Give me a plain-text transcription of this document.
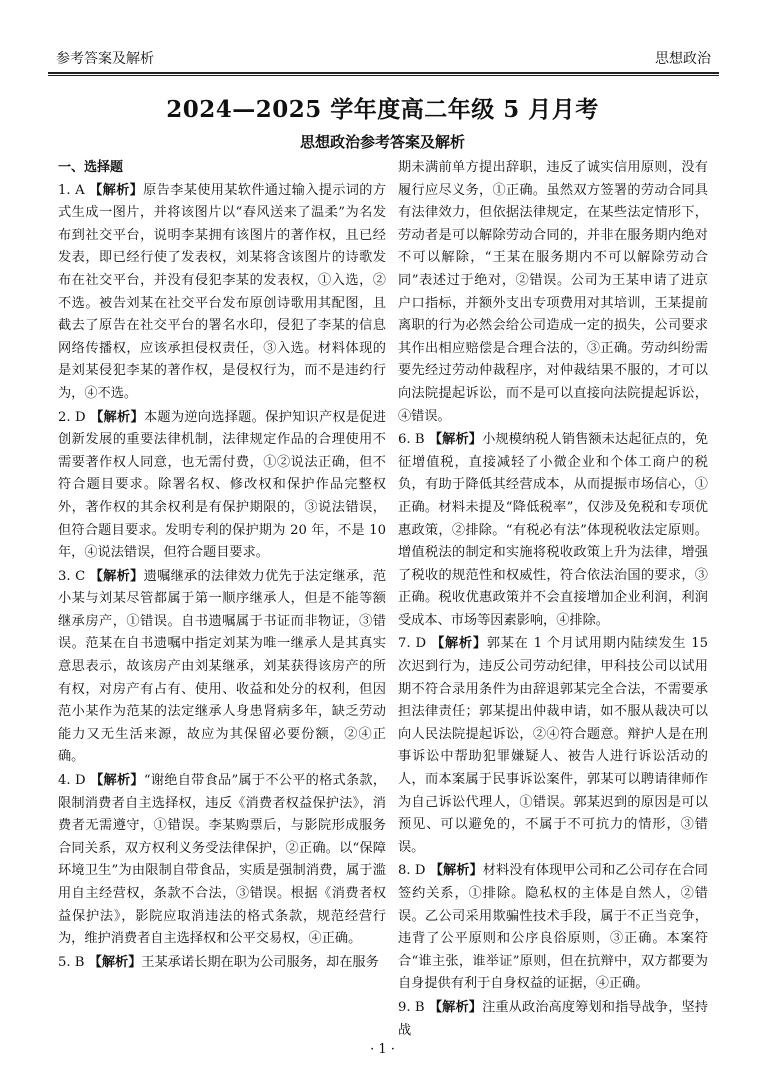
参考答案及解析	思想政治
2024—2025 学年度高二年级 5 月月考
思想政治参考答案及解析
一、选择题
1. A 【解析】原告李某使用某软件通过输入提示词的方式生成一图片，并将该图片以“春风送来了温柔”为名发布到社交平台，说明李某拥有该图片的著作权，且已经发表，即已经行使了发表权，刘某将含该图片的诗歌发布在社交平台，并没有侵犯李某的发表权，①入选，②不选。被告刘某在社交平台发布原创诗歌用其配图，且截去了原告在社交平台的署名水印，侵犯了李某的信息网络传播权，应该承担侵权责任，③入选。材料体现的是刘某侵犯李某的著作权，是侵权行为，而不是违约行为，④不选。
2. D 【解析】本题为逆向选择题。保护知识产权是促进创新发展的重要法律机制，法律规定作品的合理使用不需要著作权人同意，也无需付费，①②说法正确，但不符合题目要求。除署名权、修改权和保护作品完整权外，著作权的其余权利是有保护期限的，③说法错误，但符合题目要求。发明专利的保护期为 20 年，不是 10 年，④说法错误，但符合题目要求。
3. C 【解析】遗嘱继承的法律效力优先于法定继承，范小某与刘某尽管都属于第一顺序继承人，但是不能等额继承房产，①错误。自书遗嘱属于书证而非物证，③错误。范某在自书遗嘱中指定刘某为唯一继承人是其真实意思表示，故该房产由刘某继承，刘某获得该房产的所有权，对房产有占有、使用、收益和处分的权利，但因范小某作为范某的法定继承人身患肾病多年，缺乏劳动能力又无生活来源，故应为其保留必要份额，②④正确。
4. D 【解析】“谢绝自带食品”属于不公平的格式条款，限制消费者自主选择权，违反《消费者权益保护法》，消费者无需遵守，①错误。李某购票后，与影院形成服务合同关系，双方权利义务受法律保护，②正确。以“保障环境卫生”为由限制自带食品，实质是强制消费，属于滥用自主经营权，条款不合法，③错误。根据《消费者权益保护法》，影院应取消违法的格式条款，规范经营行为，维护消费者自主选择权和公平交易权，④正确。
5. B 【解析】王某承诺长期在职为公司服务，却在服务
期未满前单方提出辞职，违反了诚实信用原则，没有履行应尽义务，①正确。虽然双方签署的劳动合同具有法律效力，但依据法律规定，在某些法定情形下，劳动者是可以解除劳动合同的，并非在服务期内绝对不可以解除，“王某在服务期内不可以解除劳动合同”表述过于绝对，②错误。公司为王某申请了进京户口指标，并额外支出专项费用对其培训，王某提前离职的行为必然会给公司造成一定的损失，公司要求其作出相应赔偿是合理合法的，③正确。劳动纠纷需要先经过劳动仲裁程序，对仲裁结果不服的，才可以向法院提起诉讼，而不是可以直接向法院提起诉讼，④错误。
6. B 【解析】小规模纳税人销售额未达起征点的，免征增值税，直接减轻了小微企业和个体工商户的税负，有助于降低其经营成本，从而提振市场信心，①正确。材料未提及“降低税率”，仅涉及免税和专项优惠政策，②排除。“有税必有法”体现税收法定原则。增值税法的制定和实施将税收政策上升为法律，增强了税收的规范性和权威性，符合依法治国的要求，③正确。税收优惠政策并不会直接增加企业利润，利润受成本、市场等因素影响，④排除。
7. D 【解析】郭某在 1 个月试用期内陆续发生 15 次迟到行为，违反公司劳动纪律，甲科技公司以试用期不符合录用条件为由辞退郭某完全合法，不需要承担法律责任；郭某提出仲裁申请，如不服从裁决可以向人民法院提起诉讼，②④符合题意。辩护人是在刑事诉讼中帮助犯罪嫌疑人、被告人进行诉讼活动的人，而本案属于民事诉讼案件，郭某可以聘请律师作为自己诉讼代理人，①错误。郭某迟到的原因是可以预见、可以避免的，不属于不可抗力的情形，③错误。
8. D 【解析】材料没有体现甲公司和乙公司存在合同签约关系，①排除。隐私权的主体是自然人，②错误。乙公司采用欺骗性技术手段，属于不正当竞争，违背了公平原则和公序良俗原则，③正确。本案符合“谁主张，谁举证”原则，但在抗辩中，双方都要为自身提供有利于自身权益的证据，④正确。
9. B 【解析】注重从政治高度筹划和指导战争，坚持战
· 1 ·
